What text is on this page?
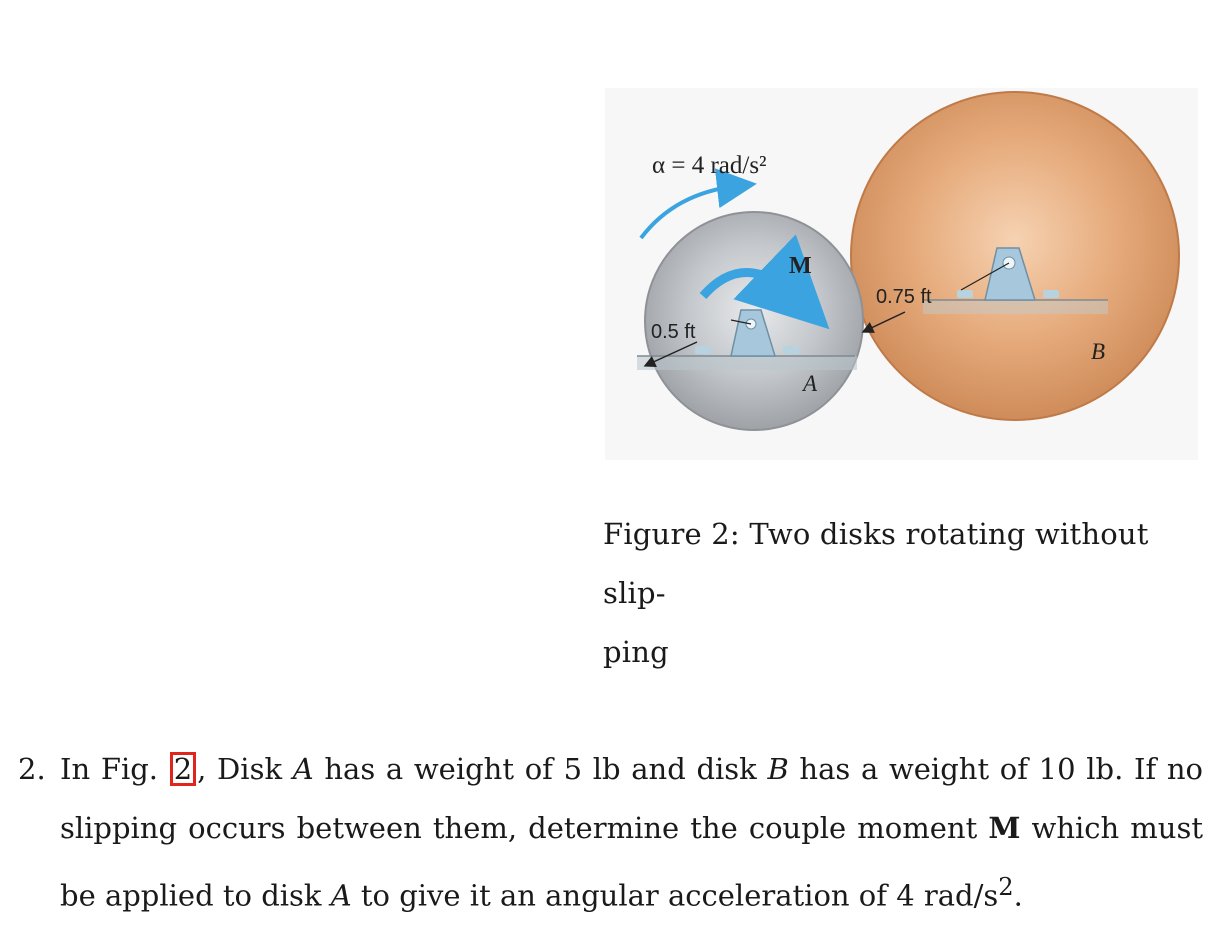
α = 4 rad/s²
M
0.5 ft
0.75 ft
A
B
Figure 2: Two disks rotating without slip-
ping
2. In Fig. 2 , Disk A has a weight of 5 lb and disk B has a weight of 10 lb. If no slipping occurs between them, determine the couple moment M which must be applied to disk A to give it an angular acceleration of 4 rad/$s^2$.
